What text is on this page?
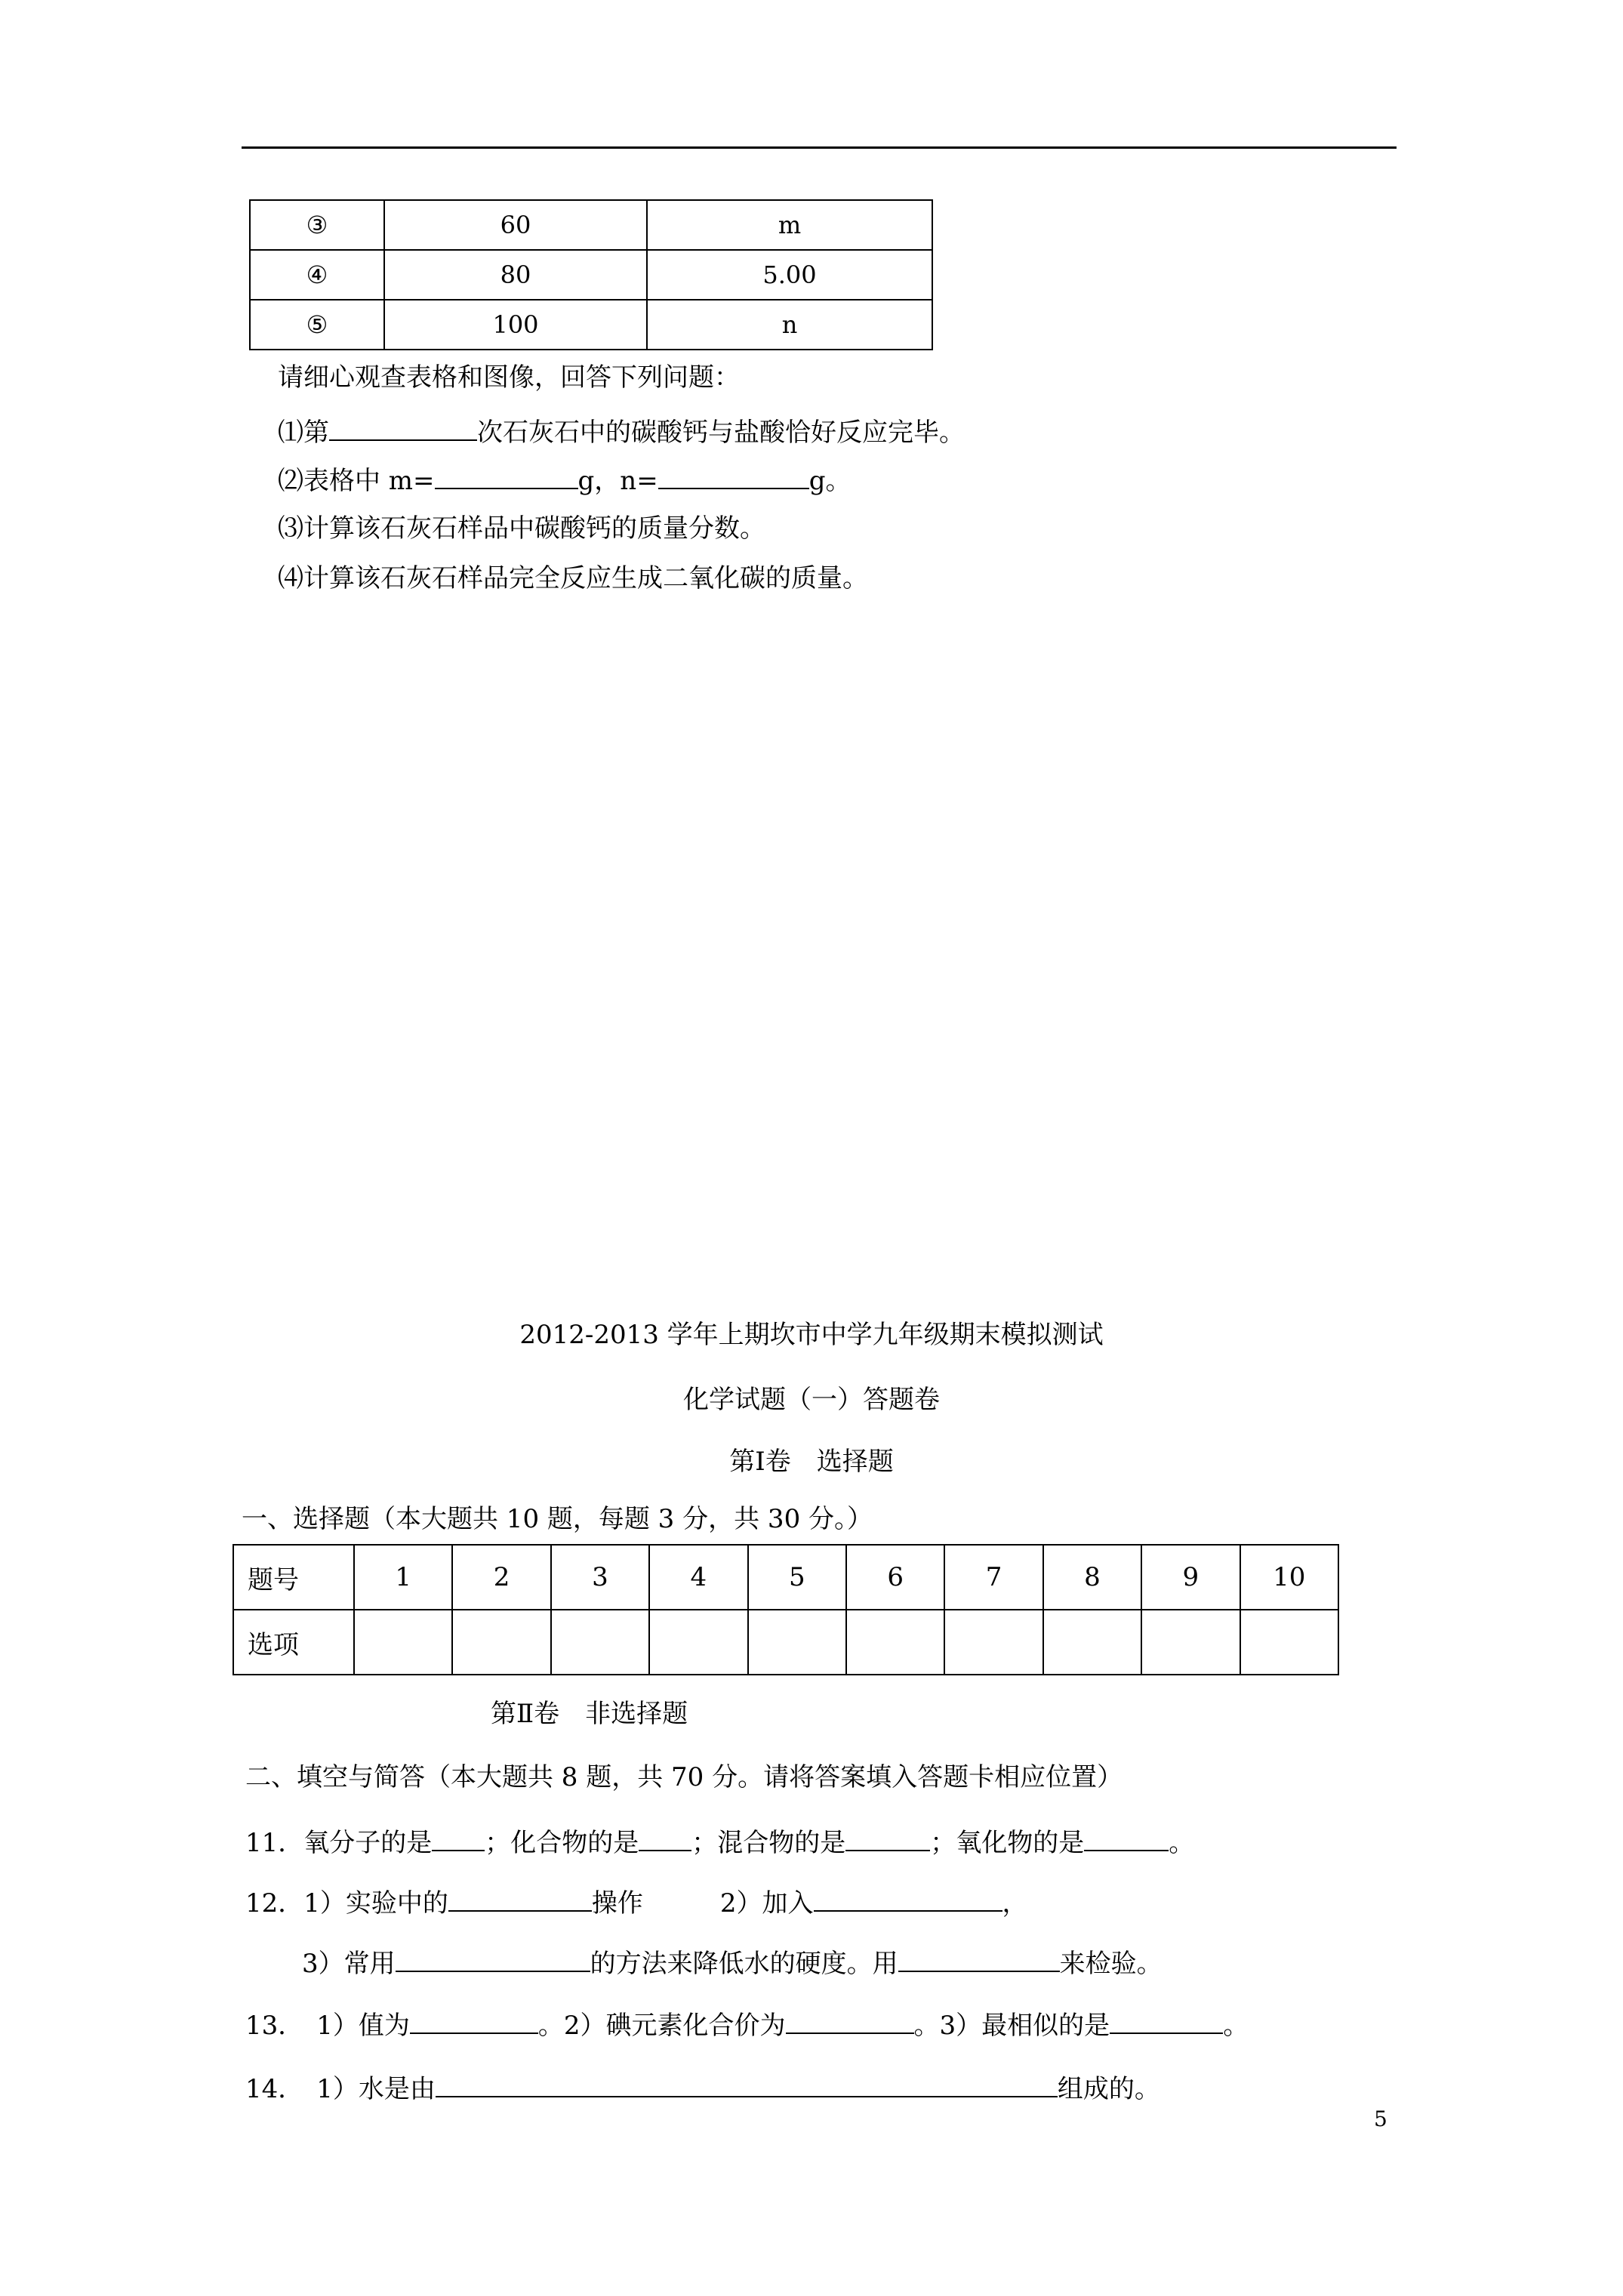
③	60	m
④	80	5.00
⑤	100	n
请细心观查表格和图像，回答下列问题：
⑴第	次石灰石中的碳酸钙与盐酸恰好反应完毕。
⑵表格中 m=	g，n=	g。
⑶计算该石灰石样品中碳酸钙的质量分数。
⑷计算该石灰石样品完全反应生成二氧化碳的质量。
2012-2013 学年上期坎市中学九年级期末模拟测试
化学试题（一）答题卷
第Ⅰ卷　选择题
一、选择题（本大题共 10 题，每题 3 分，共 30 分。）
题号	1	2	3	4	5	6	7	8	9	10
选项										
第Ⅱ卷　非选择题
二、填空与简答（本大题共 8 题，共 70 分。请将答案填入答题卡相应位置）
11．氧分子的是 ；化合物的是 ；混合物的是	；氧化物的是	。
12．1）实验中的	操作　　　2）加入	，
3）常用	的方法来降低水的硬度。用	来检验。
13．　1）值为	。2）碘元素化合价为	。3）最相似的是	。
14．　1）水是由	组成的。
5
